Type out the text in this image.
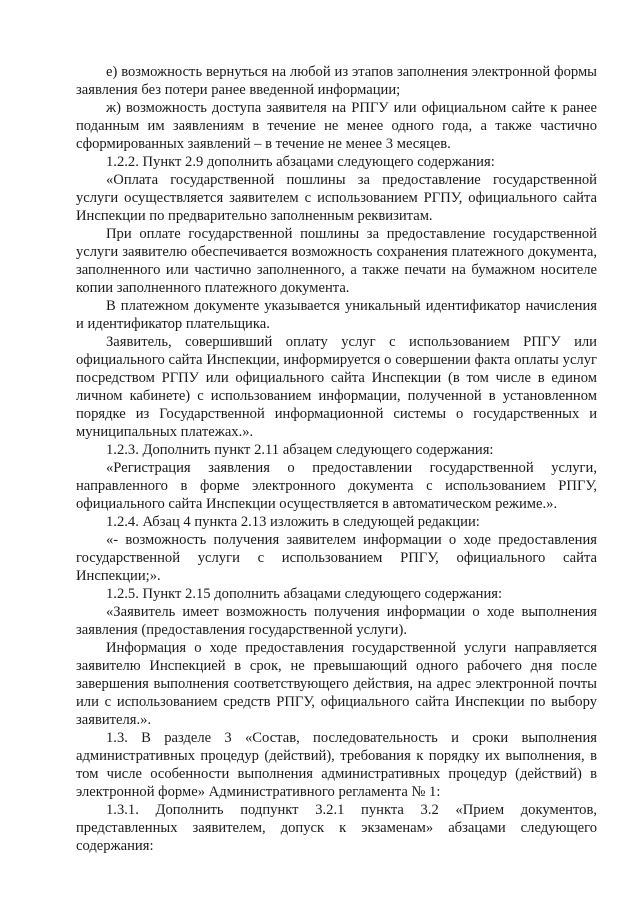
е) возможность вернуться на любой из этапов заполнения электронной формы заявления без потери ранее введенной информации;

ж) возможность доступа заявителя на РПГУ или официальном сайте к ранее поданным им заявлениям в течение не менее одного года, а также частично сформированных заявлений – в течение не менее 3 месяцев.

1.2.2. Пункт 2.9 дополнить абзацами следующего содержания:

«Оплата государственной пошлины за предоставление государственной услуги осуществляется заявителем с использованием РГПУ, официального сайта Инспекции по предварительно заполненным реквизитам.

При оплате государственной пошлины за предоставление государственной услуги заявителю обеспечивается возможность сохранения платежного документа, заполненного или частично заполненного, а также печати на бумажном носителе копии заполненного платежного документа.

В платежном документе указывается уникальный идентификатор начисления и идентификатор плательщика.

Заявитель, совершивший оплату услуг с использованием РПГУ или официального сайта Инспекции, информируется о совершении факта оплаты услуг посредством РГПУ или официального сайта Инспекции (в том числе в едином личном кабинете) с использованием информации, полученной в установленном порядке из Государственной информационной системы о государственных и муниципальных платежах.».

1.2.3. Дополнить пункт 2.11 абзацем следующего содержания:

«Регистрация заявления о предоставлении государственной услуги, направленного в форме электронного документа с использованием РПГУ, официального сайта Инспекции осуществляется в автоматическом режиме.».

1.2.4. Абзац 4 пункта 2.13 изложить в следующей редакции:

«- возможность получения заявителем информации о ходе предоставления государственной услуги с использованием РПГУ, официального сайта Инспекции;».

1.2.5. Пункт 2.15 дополнить абзацами следующего содержания:

«Заявитель имеет возможность получения информации о ходе выполнения заявления (предоставления государственной услуги).

Информация о ходе предоставления государственной услуги направляется заявителю Инспекцией в срок, не превышающий одного рабочего дня после завершения выполнения соответствующего действия, на адрес электронной почты или с использованием средств РПГУ, официального сайта Инспекции по выбору заявителя.».

1.3. В разделе 3 «Состав, последовательность и сроки выполнения административных процедур (действий), требования к порядку их выполнения, в том числе особенности выполнения административных процедур (действий) в электронной форме» Административного регламента № 1:

1.3.1. Дополнить подпункт 3.2.1 пункта 3.2 «Прием документов, представленных заявителем, допуск к экзаменам» абзацами следующего содержания:
